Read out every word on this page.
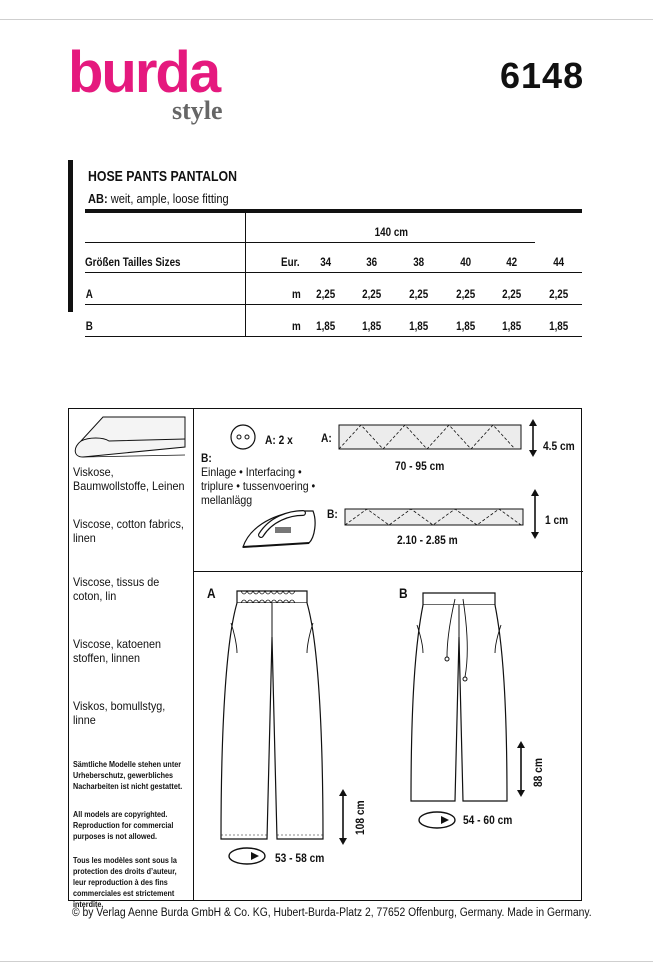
burda
style
6148
HOSE PANTS PANTALON
AB: weit, ample, loose fitting
		140 cm						
Größen Tailles Sizes		Eur.	34	36	38	40	42	44
A		m	2,25	2,25	2,25	2,25	2,25	2,25
B		m	1,85	1,85	1,85	1,85	1,85	1,85
Viskose, Baumwollstoffe, Leinen
Viscose, cotton fabrics, linen
Viscose, tissus de coton, lin
Viscose, katoenen stoffen, linnen
Viskos, bomullstyg, linne
Sämtliche Modelle stehen unter Urheberschutz, gewerbliches Nacharbeiten ist nicht gestattet.
All models are copyrighted. Reproduction for commercial purposes is not allowed.
Tous les modèles sont sous la protection des droits d’auteur, leur reproduction à des fins commerciales est strictement interdite.
A: 2 x
B:
Einlage • Interfacing •
triplure • tussenvoering •
mellanlägg
A:
4.5 cm
70 - 95 cm
B:	1 cm
2.10 - 2.85 m
A
108 cm
53 - 58 cm
B
88 cm
54 - 60 cm
© by Verlag Aenne Burda GmbH & Co. KG, Hubert-Burda-Platz 2, 77652 Offenburg, Germany. Made in Germany.
